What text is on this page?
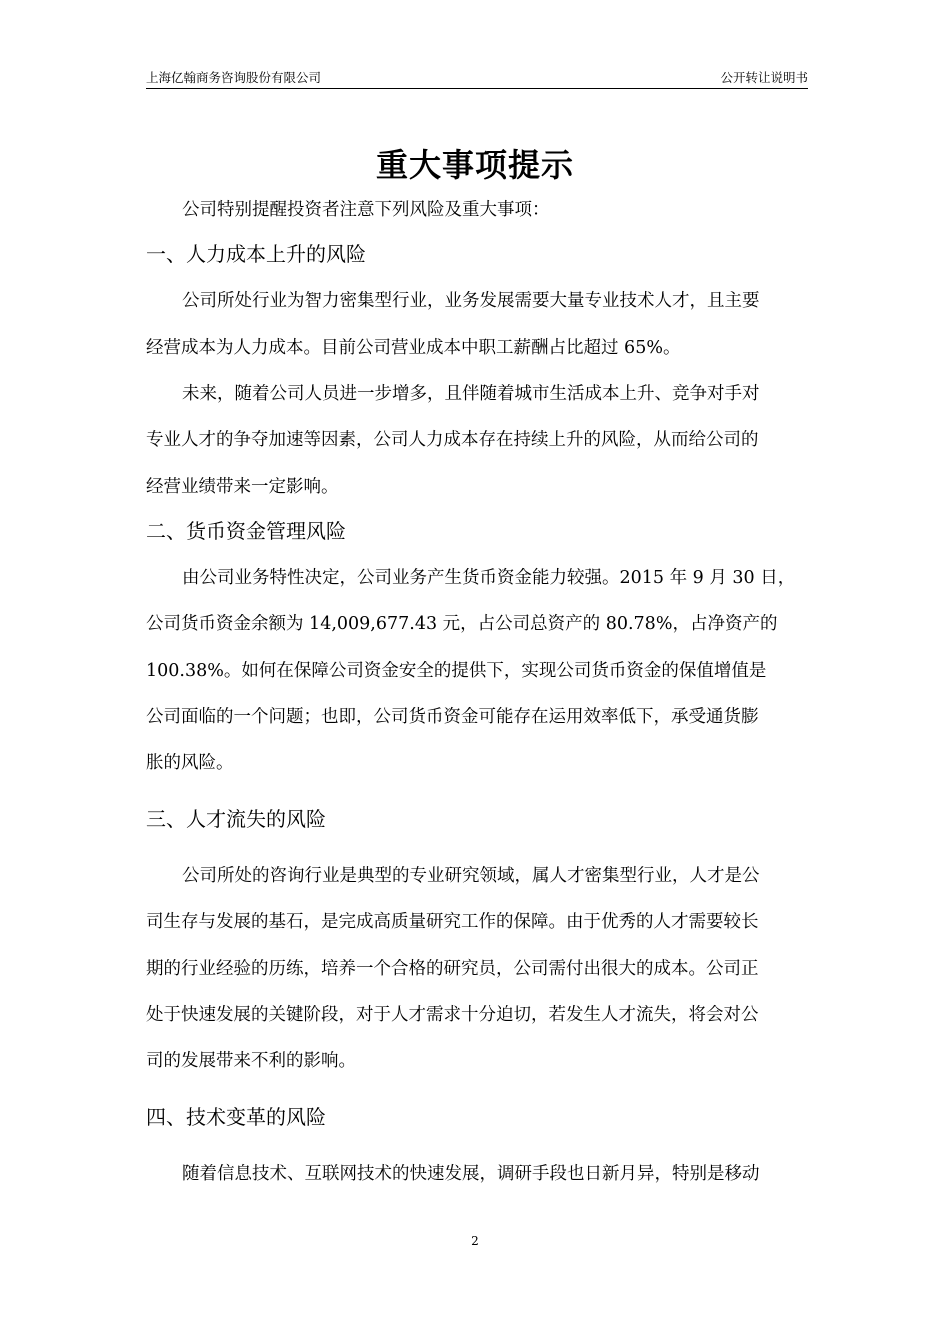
上海亿翰商务咨询股份有限公司	公开转让说明书
重大事项提示
公司特别提醒投资者注意下列风险及重大事项：
一、人力成本上升的风险
公司所处行业为智力密集型行业，业务发展需要大量专业技术人才，且主要
经营成本为人力成本。目前公司营业成本中职工薪酬占比超过 65%。
未来，随着公司人员进一步增多，且伴随着城市生活成本上升、竞争对手对
专业人才的争夺加速等因素，公司人力成本存在持续上升的风险，从而给公司的
经营业绩带来一定影响。
二、货币资金管理风险
由公司业务特性决定，公司业务产生货币资金能力较强。2015 年 9 月 30 日，
公司货币资金余额为 14,009,677.43 元，占公司总资产的 80.78%，占净资产的
100.38%。如何在保障公司资金安全的提供下，实现公司货币资金的保值增值是
公司面临的一个问题；也即，公司货币资金可能存在运用效率低下，承受通货膨
胀的风险。
三、人才流失的风险
公司所处的咨询行业是典型的专业研究领域，属人才密集型行业，人才是公
司生存与发展的基石，是完成高质量研究工作的保障。由于优秀的人才需要较长
期的行业经验的历练，培养一个合格的研究员，公司需付出很大的成本。公司正
处于快速发展的关键阶段，对于人才需求十分迫切，若发生人才流失，将会对公
司的发展带来不利的影响。
四、技术变革的风险
随着信息技术、互联网技术的快速发展，调研手段也日新月异，特别是移动
2
